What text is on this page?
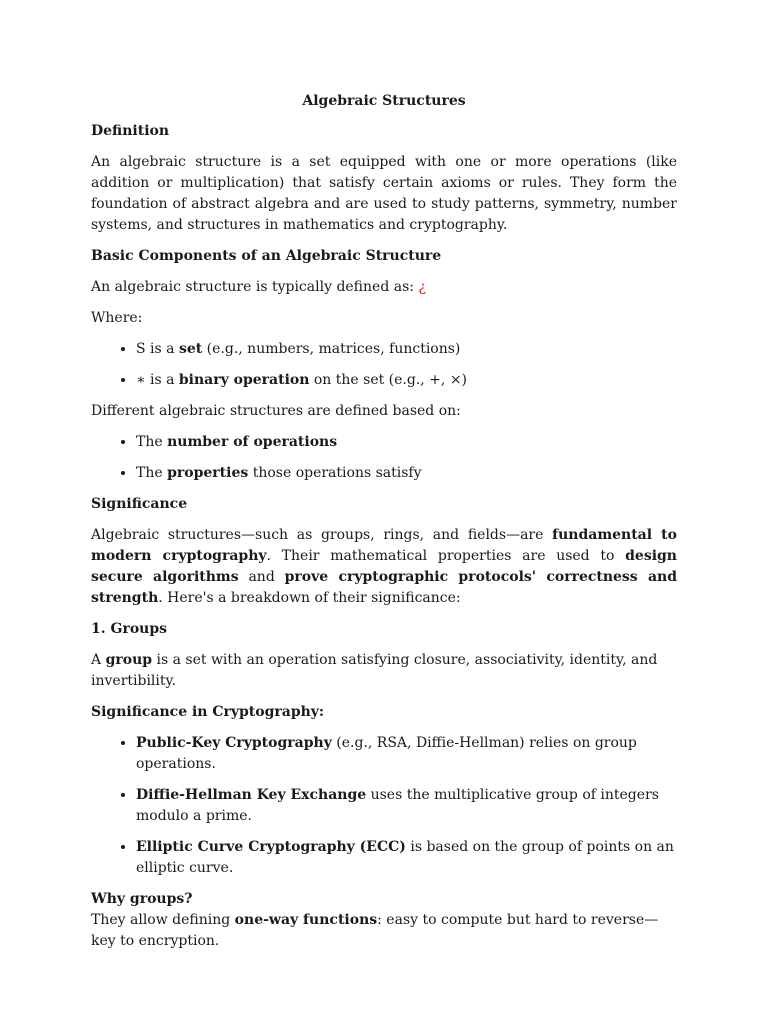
Algebraic Structures

Definition

An algebraic structure is a set equipped with one or more operations (like addition or multiplication) that satisfy certain axioms or rules. They form the foundation of abstract algebra and are used to study patterns, symmetry, number systems, and structures in mathematics and cryptography.

Basic Components of an Algebraic Structure

An algebraic structure is typically defined as: ¿

Where:

• S is a set (e.g., numbers, matrices, functions)
• ∗ is a binary operation on the set (e.g., +, ×)

Different algebraic structures are defined based on:

• The number of operations
• The properties those operations satisfy

Significance

Algebraic structures—such as groups, rings, and fields—are fundamental to modern cryptography. Their mathematical properties are used to design secure algorithms and prove cryptographic protocols' correctness and strength. Here's a breakdown of their significance:

1. Groups

A group is a set with an operation satisfying closure, associativity, identity, and invertibility.

Significance in Cryptography:

• Public-Key Cryptography (e.g., RSA, Diffie-Hellman) relies on group operations.
• Diffie-Hellman Key Exchange uses the multiplicative group of integers modulo a prime.
• Elliptic Curve Cryptography (ECC) is based on the group of points on an elliptic curve.

Why groups?

They allow defining one-way functions: easy to compute but hard to reverse—key to encryption.
